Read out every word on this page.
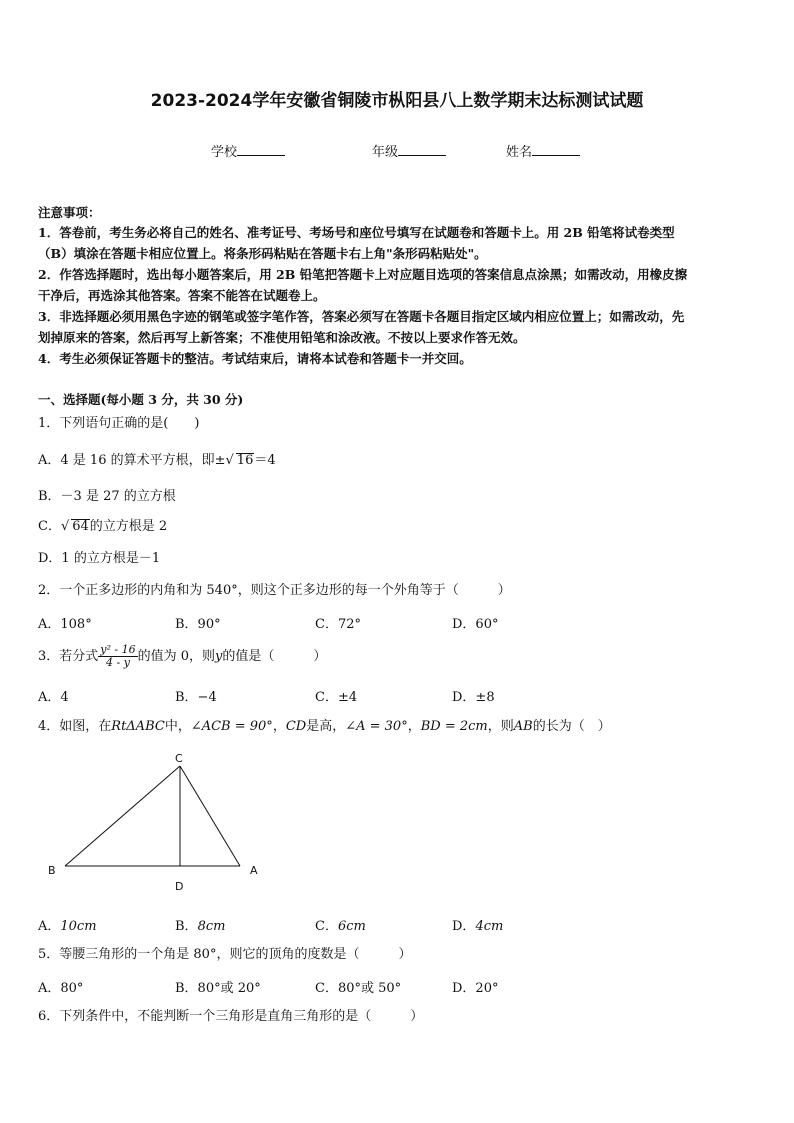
2023-2024学年安徽省铜陵市枞阳县八上数学期末达标测试试题
学校	年级	姓名
注意事项：
1．答卷前，考生务必将自己的姓名、准考证号、考场号和座位号填写在试题卷和答题卡上。用 2B 铅笔将试卷类型
（B）填涂在答题卡相应位置上。将条形码粘贴在答题卡右上角"条形码粘贴处"。
2．作答选择题时，选出每小题答案后，用 2B 铅笔把答题卡上对应题目选项的答案信息点涂黑；如需改动，用橡皮擦
干净后，再选涂其他答案。答案不能答在试题卷上。
3．非选择题必须用黑色字迹的钢笔或签字笔作答，答案必须写在答题卡各题目指定区域内相应位置上；如需改动，先
划掉原来的答案，然后再写上新答案；不准使用铅笔和涂改液。不按以上要求作答无效。
4．考生必须保证答题卡的整洁。考试结束后，请将本试卷和答题卡一并交回。
一、选择题(每小题 3 分，共 30 分)
1．下列语句正确的是(　　)
A．4 是 16 的算术平方根，即±√ 16＝4
B．－3 是 27 的立方根
C．√ 64的立方根是 2
D．1 的立方根是－1
2．一个正多边形的内角和为 540°，则这个正多边形的每一个外角等于（　　　）
A．108°	B．90°	C．72°	D．60°
3．若分式 $\frac{\text{y² - 16}}{4 - y}$ 的值为 0，则y的值是（　　　）
A．4	B．−4	C．±4	D．±8
4．如图，在RtΔABC中，∠ACB = 90°，CD是高，∠A = 30°，BD = 2cm，则AB的长为（　）
C
B	A
D
A．10cm	B．8cm	C．6cm	D．4cm
5．等腰三角形的一个角是 80°，则它的顶角的度数是（　　　）
A．80°	B．80°或 20°	C．80°或 50°	D．20°
6．下列条件中，不能判断一个三角形是直角三角形的是（　　　）
